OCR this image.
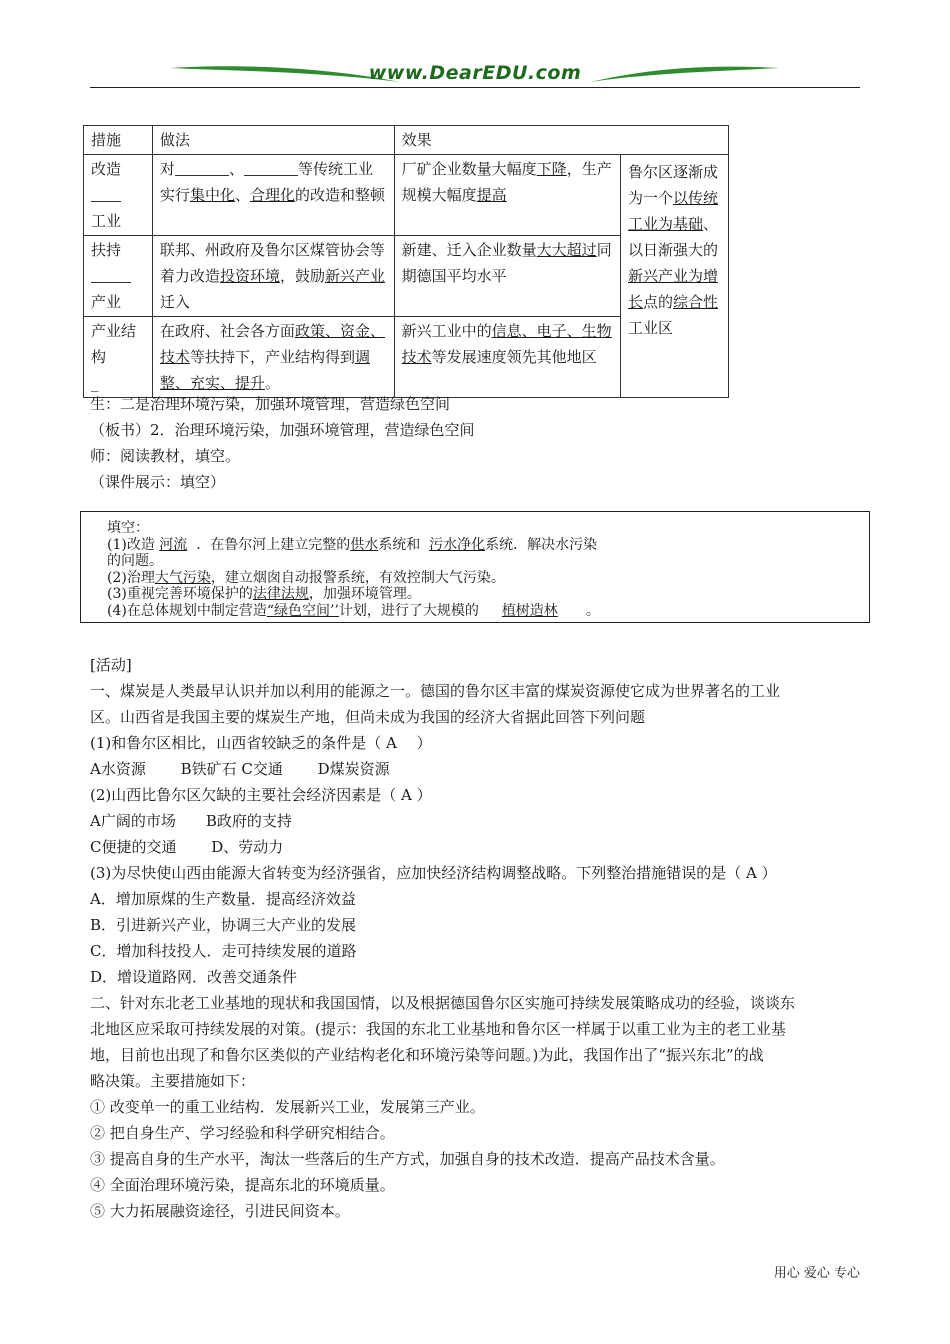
www.DearEDU.com
措施	做法	效果	
改造

工业	对 、 等传统工业实行集中化、合理化的改造和整顿	厂矿企业数量大幅度下降，生产规模大幅度提高	鲁尔区逐渐成为一个以传统工业为基础、以日渐强大的新兴产业为增长点的综合性工业区
扶持

产业	联邦、州政府及鲁尔区煤管协会等着力改造投资环境，鼓励新兴产业迁入	新建、迁入企业数量大大超过同期德国平均水平	
产业结构
_	在政府、社会各方面政策、资金、技术等扶持下，产业结构得到调整、充实、提升。	新兴工业中的信息、电子、生物技术等发展速度领先其他地区	

生：二是治理环境污染，加强环境管理，营造绿色空间

（板书）2．治理环境污染，加强环境管理，营造绿色空间

师：阅读教材，填空。

（课件展示：填空）

填空：
(1)改造 河流 ．在鲁尔河上建立完整的供水系统和 污水净化系统．解决水污染
的问题。
(2)治理大气污染，建立烟囱自动报警系统，有效控制大气污染。
(3)重视完善环境保护的法律法规，加强环境管理。
(4)在总体规划中制定营造“绿色空间’’计划，进行了大规模的 植树造林 。

[活动]

一、煤炭是人类最早认识并加以利用的能源之一。德国的鲁尔区丰富的煤炭资源使它成为世界著名的工业

区。山西省是我国主要的煤炭生产地，但尚未成为我国的经济大省据此回答下列问题

(1)和鲁尔区相比，山西省较缺乏的条件是（ A　 ）

A水资源　　 B铁矿石 C交通　　 D煤炭资源

(2)山西比鲁尔区欠缺的主要社会经济因素是（ A ）

A广阔的市场　　B政府的支持

C便捷的交通　　 D、劳动力

(3)为尽快使山西由能源大省转变为经济强省，应加快经济结构调整战略。下列整治措施错误的是（ A ）

A．增加原煤的生产数量．提高经济效益

B．引进新兴产业，协调三大产业的发展

C．增加科技投人．走可持续发展的道路

D．增设道路网．改善交通条件

二、针对东北老工业基地的现状和我国国情，以及根据德国鲁尔区实施可持续发展策略成功的经验，谈谈东

北地区应采取可持续发展的对策。(提示：我国的东北工业基地和鲁尔区一样属于以重工业为主的老工业基

地，目前也出现了和鲁尔区类似的产业结构老化和环境污染等问题。)为此，我国作出了“振兴东北”的战

略决策。主要措施如下：

① 改变单一的重工业结构．发展新兴工业，发展第三产业。

② 把自身生产、学习经验和科学研究相结合。

③ 提高自身的生产水平，淘汰一些落后的生产方式，加强自身的技术改造．提高产品技术含量。

④ 全面治理环境污染，提高东北的环境质量。

⑤ 大力拓展融资途径，引进民间资本。

用心 爱心 专心
